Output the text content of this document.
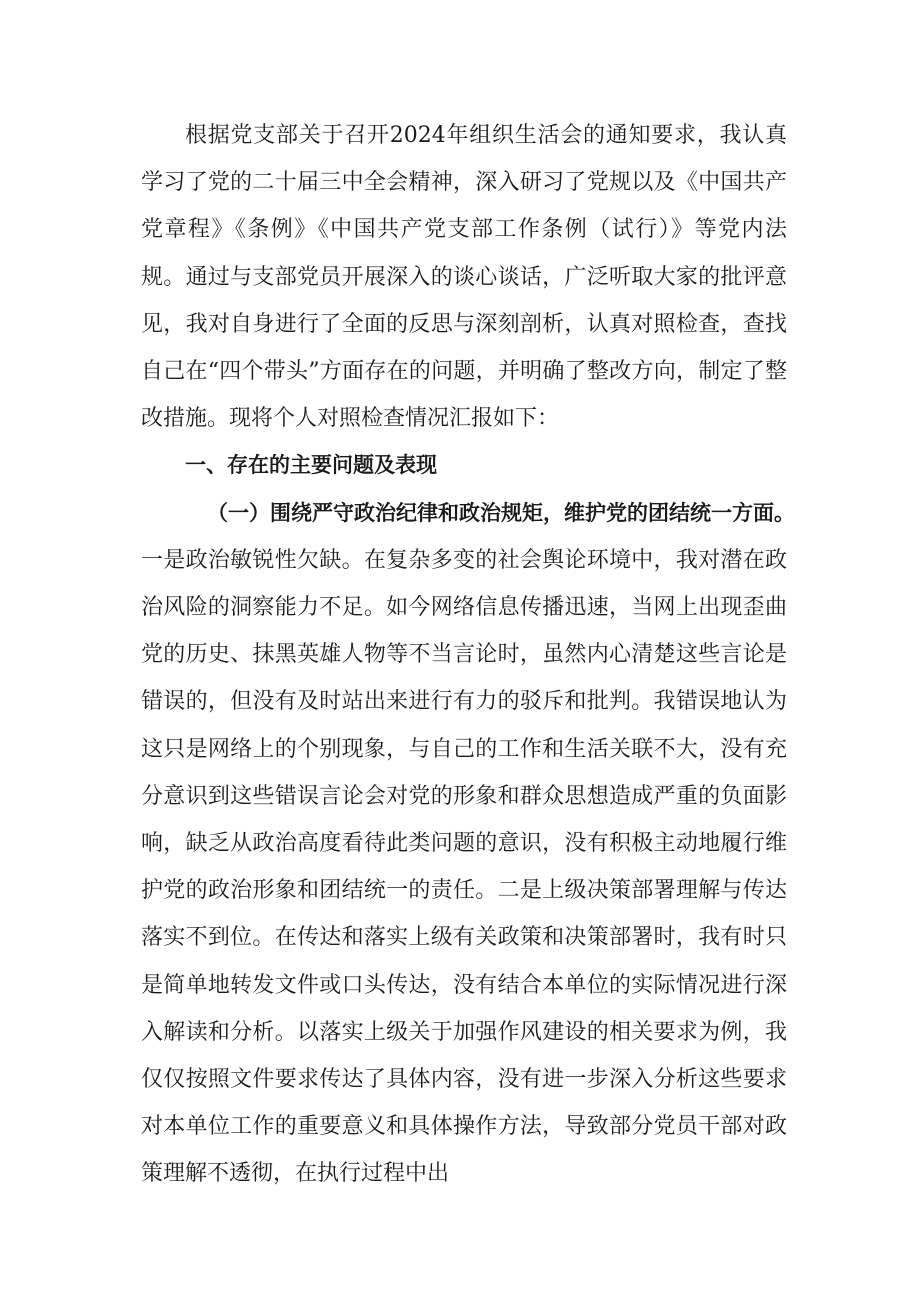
根据党支部关于召开2024年组织生活会的通知要求，我认真学习了党的二十届三中全会精神，深入研习了党规以及《中国共产党章程》《条例》《中国共产党支部工作条例（试行）》等党内法规。通过与支部党员开展深入的谈心谈话，广泛听取大家的批评意见，我对自身进行了全面的反思与深刻剖析，认真对照检查，查找自己在“四个带头”方面存在的问题，并明确了整改方向，制定了整改措施。现将个人对照检查情况汇报如下：

一、存在的主要问题及表现

（一）围绕严守政治纪律和政治规矩，维护党的团结统一方面。

一是政治敏锐性欠缺。在复杂多变的社会舆论环境中，我对潜在政治风险的洞察能力不足。如今网络信息传播迅速，当网上出现歪曲党的历史、抹黑英雄人物等不当言论时，虽然内心清楚这些言论是错误的，但没有及时站出来进行有力的驳斥和批判。我错误地认为这只是网络上的个别现象，与自己的工作和生活关联不大，没有充分意识到这些错误言论会对党的形象和群众思想造成严重的负面影响，缺乏从政治高度看待此类问题的意识，没有积极主动地履行维护党的政治形象和团结统一的责任。二是上级决策部署理解与传达落实不到位。在传达和落实上级有关政策和决策部署时，我有时只是简单地转发文件或口头传达，没有结合本单位的实际情况进行深入解读和分析。以落实上级关于加强作风建设的相关要求为例，我仅仅按照文件要求传达了具体内容，没有进一步深入分析这些要求对本单位工作的重要意义和具体操作方法，导致部分党员干部对政策理解不透彻，在执行过程中出
